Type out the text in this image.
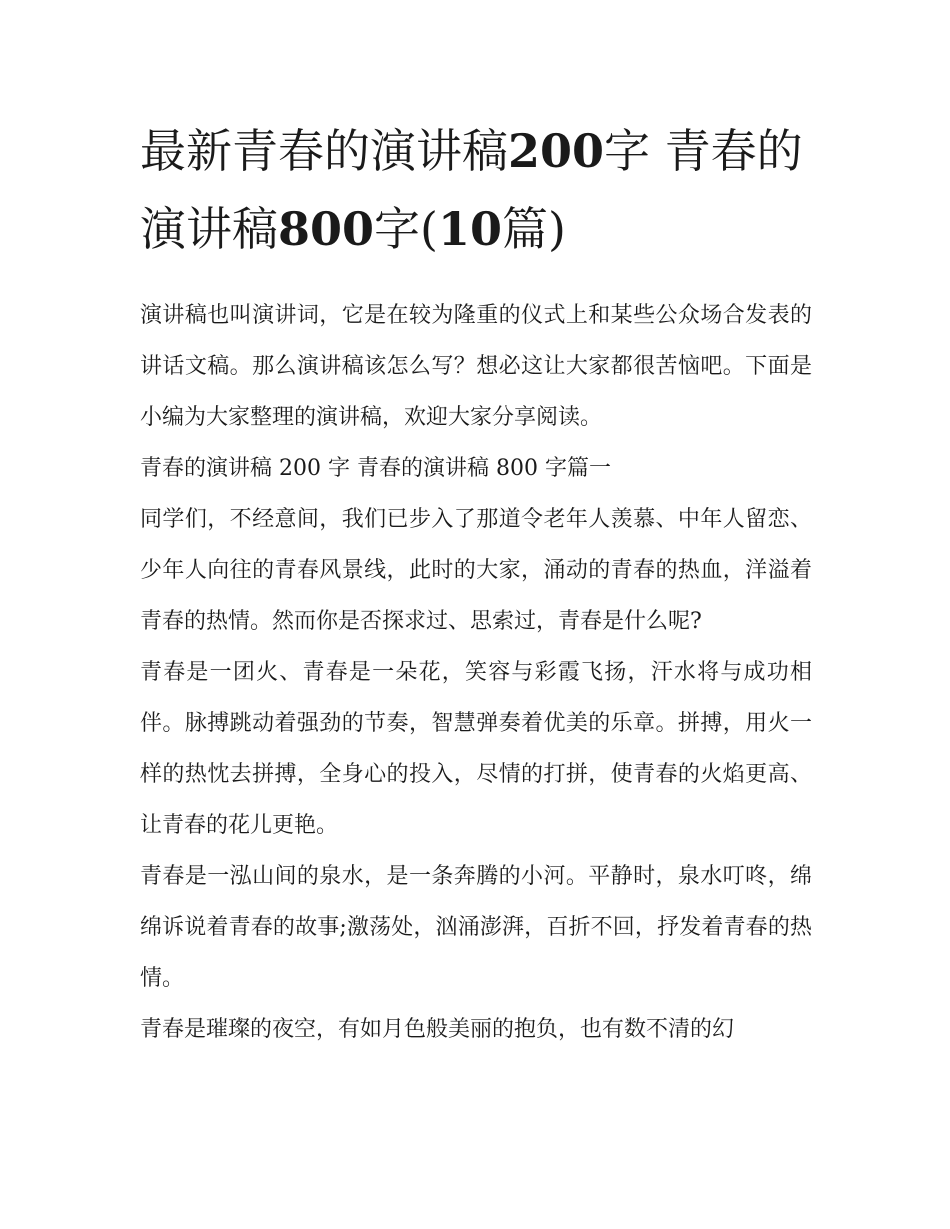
最新青春的演讲稿200字 青春的演讲稿800字(10篇)

演讲稿也叫演讲词，它是在较为隆重的仪式上和某些公众场合发表的讲话文稿。那么演讲稿该怎么写？想必这让大家都很苦恼吧。下面是小编为大家整理的演讲稿，欢迎大家分享阅读。

青春的演讲稿 200 字 青春的演讲稿 800 字篇一

同学们，不经意间，我们已步入了那道令老年人羡慕、中年人留恋、少年人向往的青春风景线，此时的大家，涌动的青春的热血，洋溢着青春的热情。然而你是否探求过、思索过，青春是什么呢?

青春是一团火、青春是一朵花，笑容与彩霞飞扬，汗水将与成功相伴。脉搏跳动着强劲的节奏，智慧弹奏着优美的乐章。拼搏，用火一样的热忱去拼搏，全身心的投入，尽情的打拼，使青春的火焰更高、让青春的花儿更艳。

青春是一泓山间的泉水，是一条奔腾的小河。平静时，泉水叮咚，绵绵诉说着青春的故事;激荡处，汹涌澎湃，百折不回，抒发着青春的热情。

青春是璀璨的夜空，有如月色般美丽的抱负，也有数不清的幻
